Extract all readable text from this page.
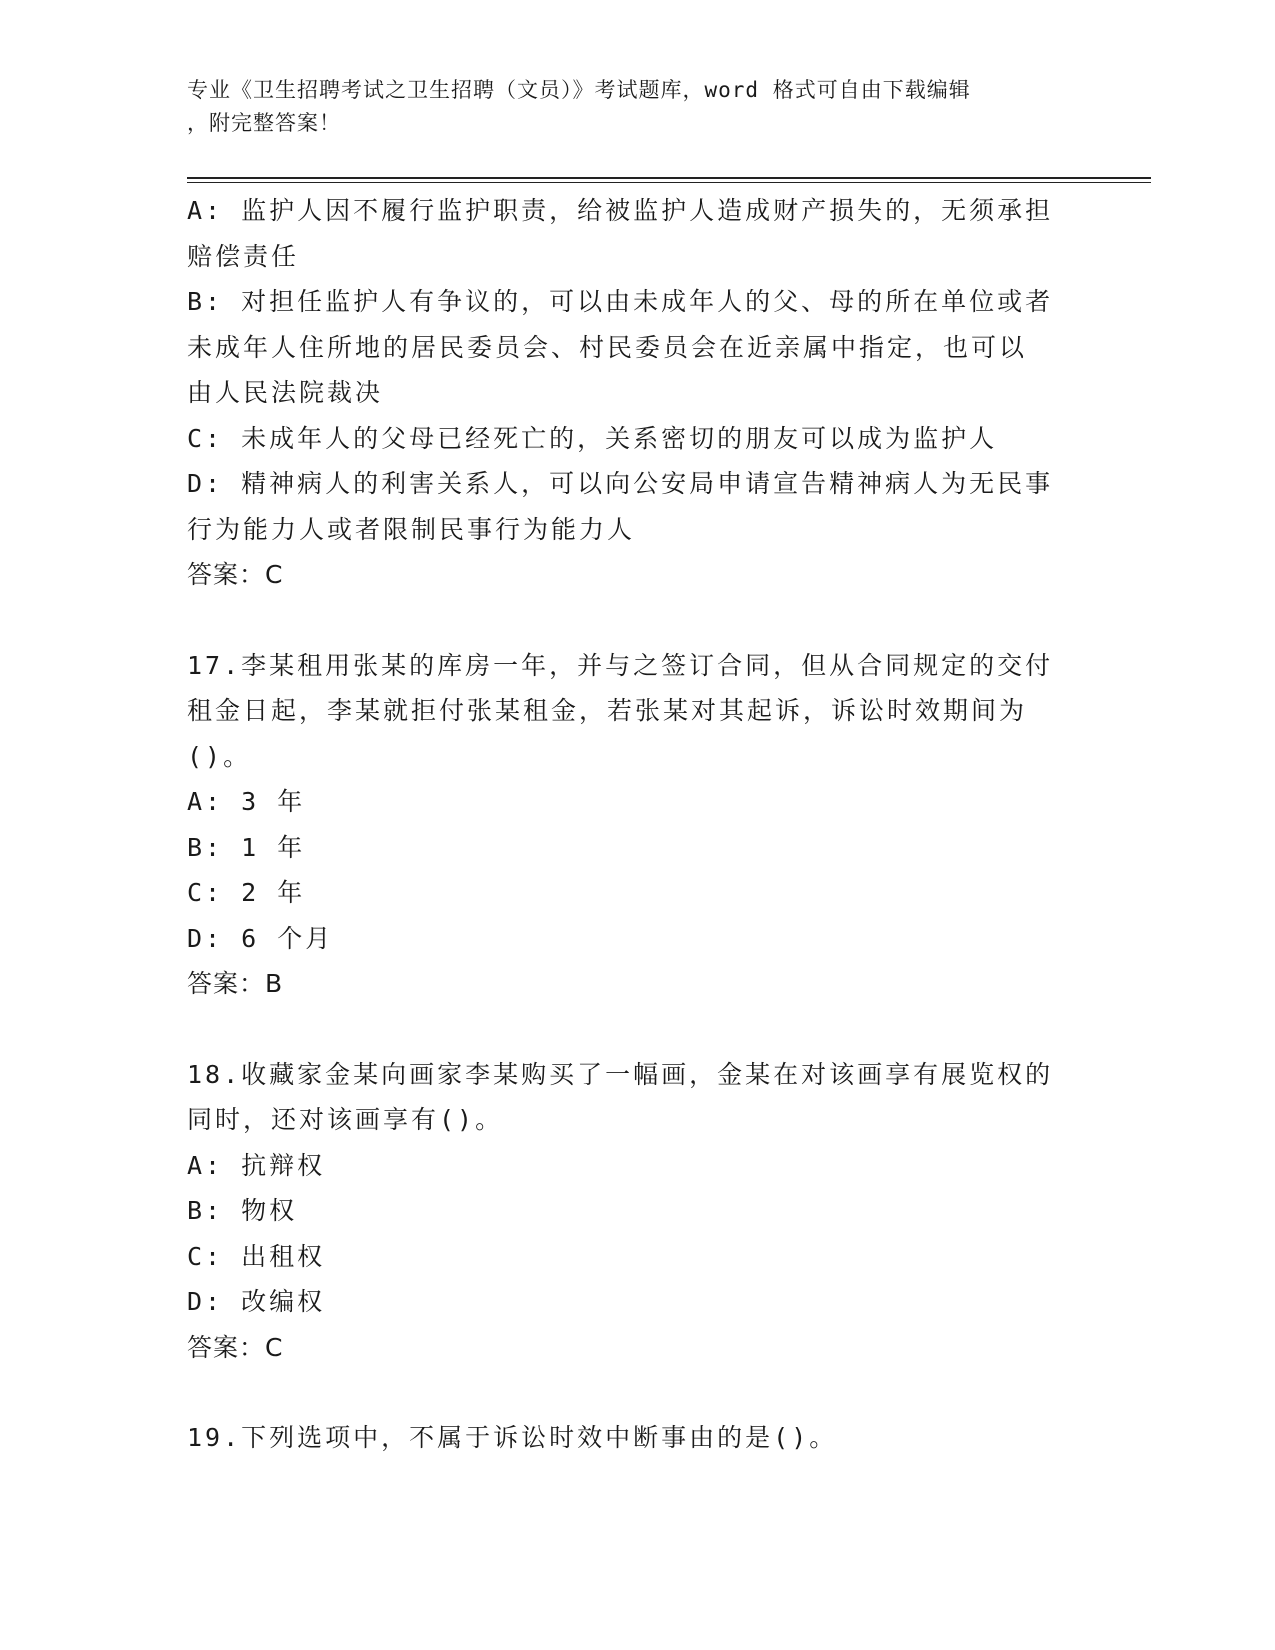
专业《卫生招聘考试之卫生招聘（文员）》考试题库，word 格式可自由下载编辑
，附完整答案！

A: 监护人因不履行监护职责，给被监护人造成财产损失的，无须承担

赔偿责任

B: 对担任监护人有争议的，可以由未成年人的父、母的所在单位或者

未成年人住所地的居民委员会、村民委员会在近亲属中指定，也可以

由人民法院裁决

C: 未成年人的父母已经死亡的，关系密切的朋友可以成为监护人

D: 精神病人的利害关系人，可以向公安局申请宣告精神病人为无民事

行为能力人或者限制民事行为能力人

答案：C

17.李某租用张某的库房一年，并与之签订合同，但从合同规定的交付

租金日起，李某就拒付张某租金，若张某对其起诉，诉讼时效期间为

()。

A: 3 年

B: 1 年

C: 2 年

D: 6 个月

答案：B

18.收藏家金某向画家李某购买了一幅画，金某在对该画享有展览权的

同时，还对该画享有()。

A: 抗辩权

B: 物权

C: 出租权

D: 改编权

答案：C

19.下列选项中，不属于诉讼时效中断事由的是()。
